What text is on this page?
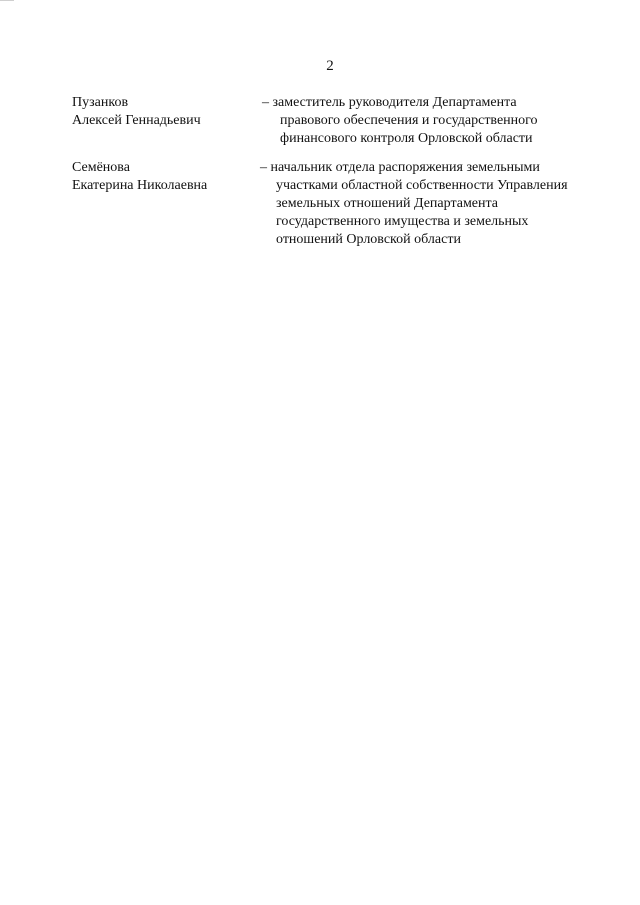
2
Пузанков
Алексей Геннадьевич
– заместитель руководителя Департамента
правового обеспечения и государственного
финансового контроля Орловской области
Семёнова
Екатерина Николаевна
– начальник отдела распоряжения земельными
участками областной собственности Управления
земельных отношений Департамента
государственного имущества и земельных
отношений Орловской области
